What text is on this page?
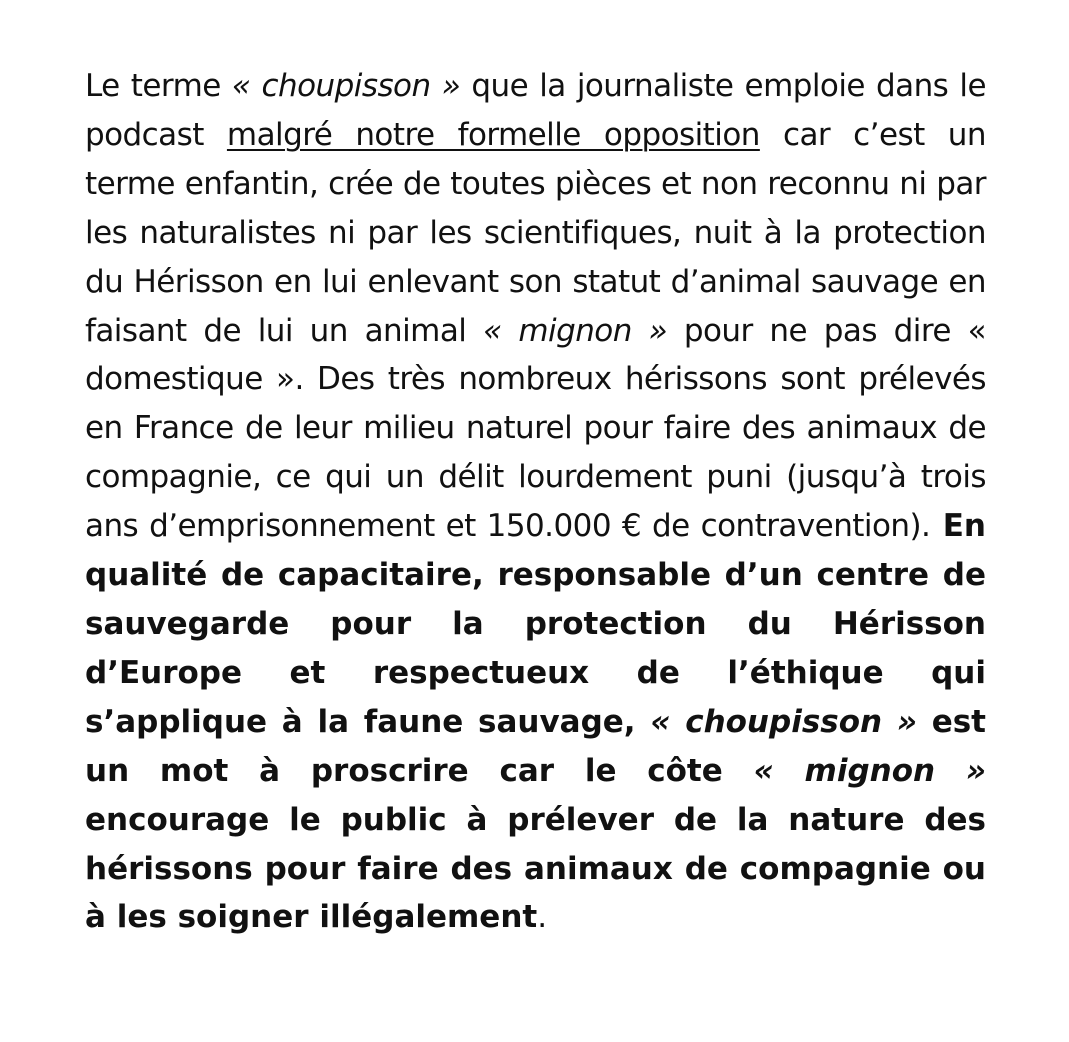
Le terme « choupisson » que la journaliste emploie dans le podcast malgré notre formelle opposition car c’est un terme enfantin, crée de toutes pièces et non reconnu ni par les naturalistes ni par les scientifiques, nuit à la protection du Hérisson en lui enlevant son statut d’animal sauvage en faisant de lui un animal « mignon » pour ne pas dire « domestique ». Des très nombreux hérissons sont prélevés en France de leur milieu naturel pour faire des animaux de compagnie, ce qui un délit lourdement puni (jusqu’à trois ans d’emprisonnement et 150.000 € de contravention). En qualité de capacitaire, responsable d’un centre de sauvegarde pour la protection du Hérisson d’Europe et respectueux de l’éthique qui s’applique à la faune sauvage, « choupisson » est un mot à proscrire car le côte « mignon » encourage le public à prélever de la nature des hérissons pour faire des animaux de compagnie ou à les soigner illégalement.
